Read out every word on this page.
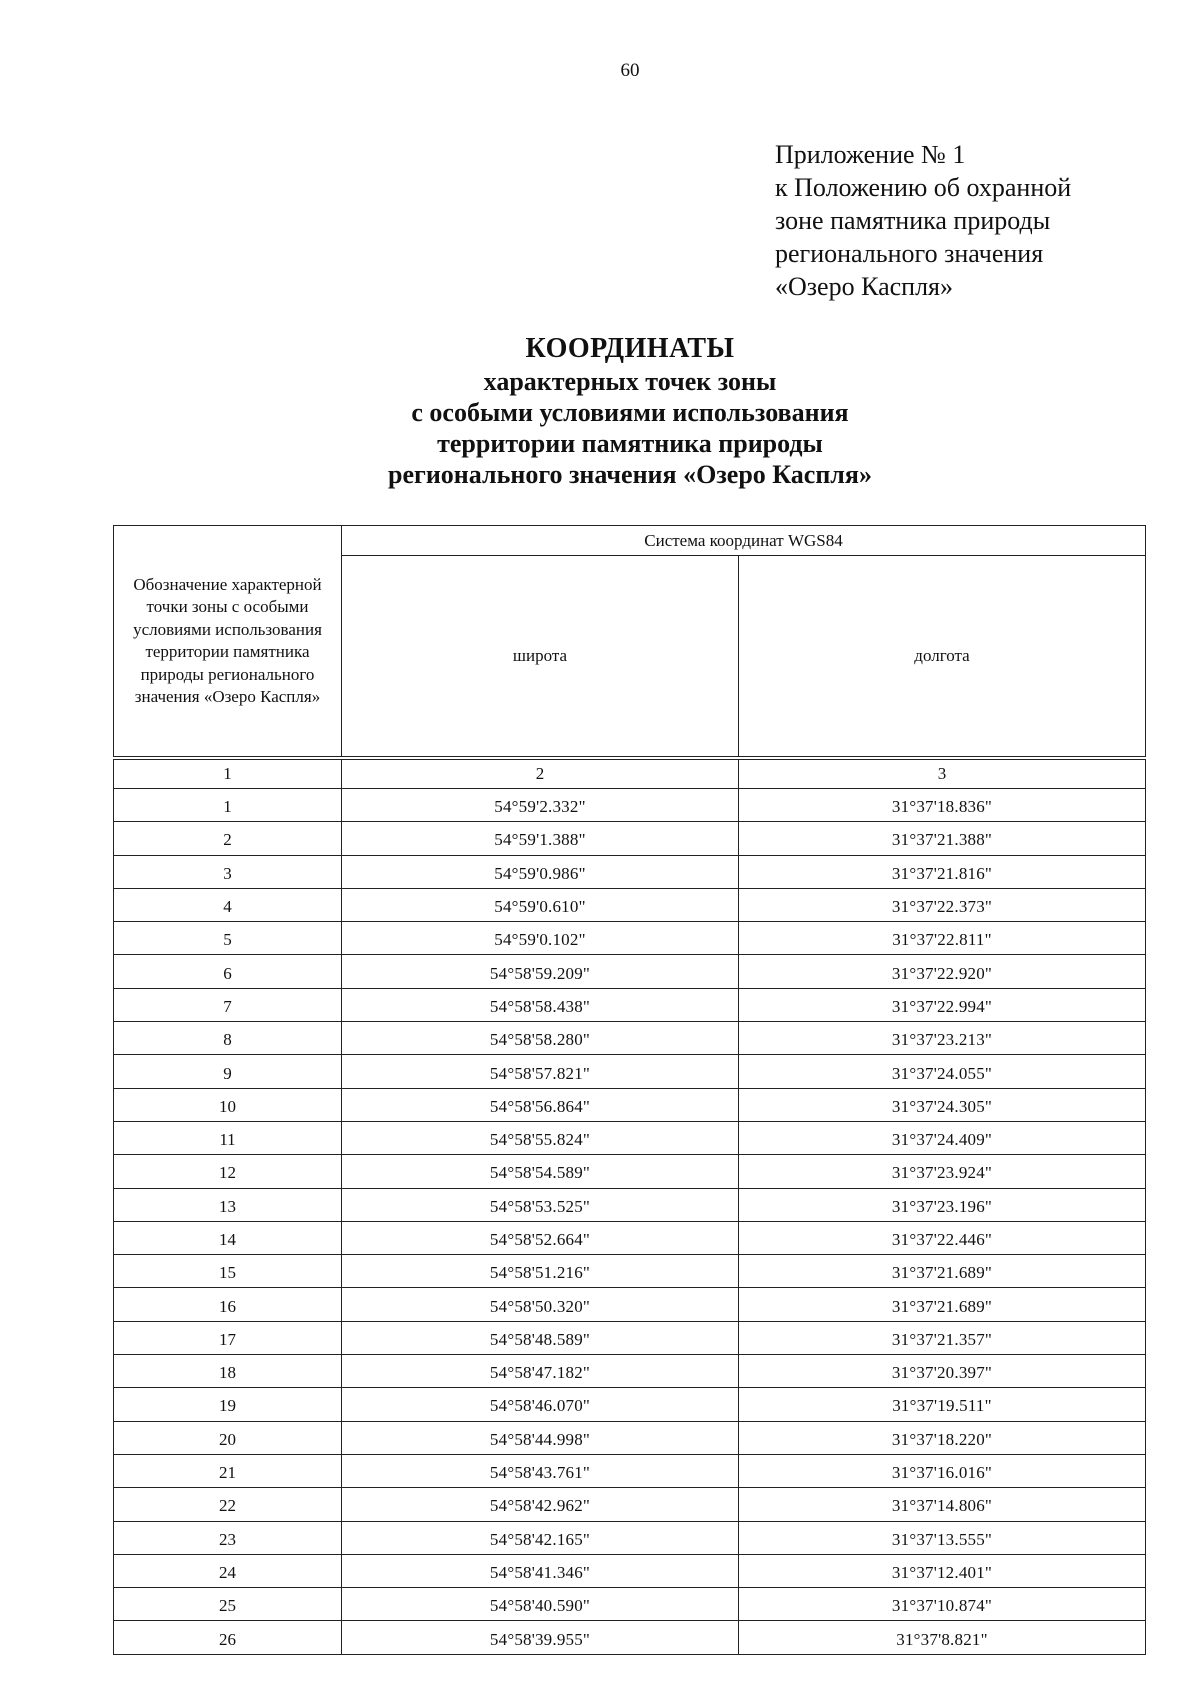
60
Приложение № 1
к Положению об охранной
зоне памятника природы
регионального значения
«Озеро Каспля»
КООРДИНАТЫ
характерных точек зоны
с особыми условиями использования
территории памятника природы
регионального значения «Озеро Каспля»
Обозначение характерной точки зоны с особыми условиями использования территории памятника природы регионального значения «Озеро Каспля»	Система координат WGS84	
	широта	долгота
1	2	3
1	54°59'2.332"	31°37'18.836"
2	54°59'1.388"	31°37'21.388"
3	54°59'0.986"	31°37'21.816"
4	54°59'0.610"	31°37'22.373"
5	54°59'0.102"	31°37'22.811"
6	54°58'59.209"	31°37'22.920"
7	54°58'58.438"	31°37'22.994"
8	54°58'58.280"	31°37'23.213"
9	54°58'57.821"	31°37'24.055"
10	54°58'56.864"	31°37'24.305"
11	54°58'55.824"	31°37'24.409"
12	54°58'54.589"	31°37'23.924"
13	54°58'53.525"	31°37'23.196"
14	54°58'52.664"	31°37'22.446"
15	54°58'51.216"	31°37'21.689"
16	54°58'50.320"	31°37'21.689"
17	54°58'48.589"	31°37'21.357"
18	54°58'47.182"	31°37'20.397"
19	54°58'46.070"	31°37'19.511"
20	54°58'44.998"	31°37'18.220"
21	54°58'43.761"	31°37'16.016"
22	54°58'42.962"	31°37'14.806"
23	54°58'42.165"	31°37'13.555"
24	54°58'41.346"	31°37'12.401"
25	54°58'40.590"	31°37'10.874"
26	54°58'39.955"	31°37'8.821"
